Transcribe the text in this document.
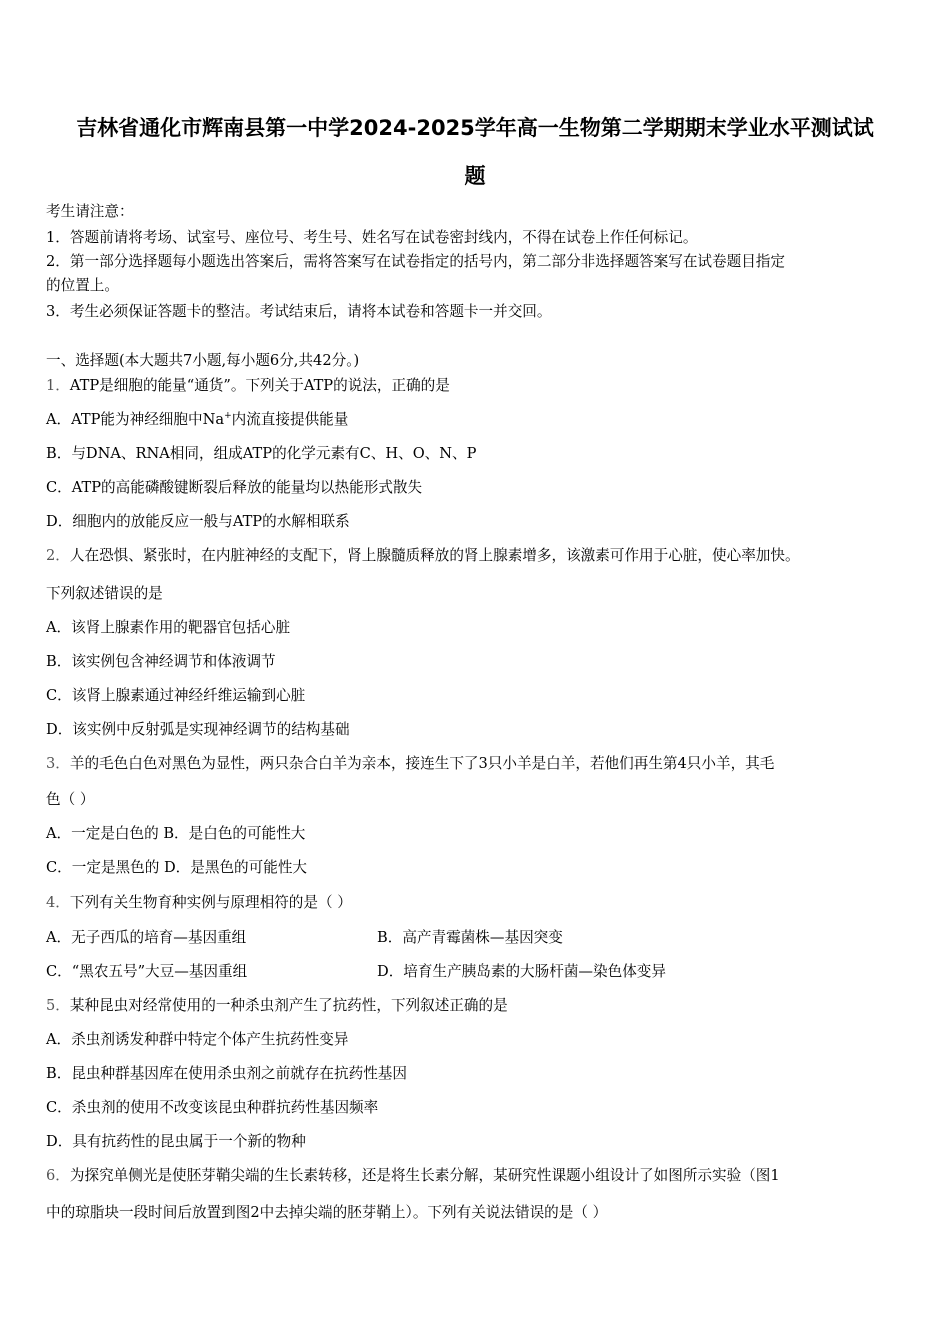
吉林省通化市辉南县第一中学2024-2025学年高一生物第二学期期末学业水平测试试
题
考生请注意：
1．答题前请将考场、试室号、座位号、考生号、姓名写在试卷密封线内，不得在试卷上作任何标记。
2．第一部分选择题每小题选出答案后，需将答案写在试卷指定的括号内，第二部分非选择题答案写在试卷题目指定
的位置上。
3．考生必须保证答题卡的整洁。考试结束后，请将本试卷和答题卡一并交回。
一、选择题(本大题共7小题,每小题6分,共42分。)
1．ATP是细胞的能量“通货”。下列关于ATP的说法，正确的是
A．ATP能为神经细胞中Na+内流直接提供能量
B．与DNA、RNA相同，组成ATP的化学元素有C、H、O、N、P
C．ATP的高能磷酸键断裂后释放的能量均以热能形式散失
D．细胞内的放能反应一般与ATP的水解相联系
2．人在恐惧、紧张时，在内脏神经的支配下，肾上腺髓质释放的肾上腺素增多，该激素可作用于心脏，使心率加快。
下列叙述错误的是
A．该肾上腺素作用的靶器官包括心脏
B．该实例包含神经调节和体液调节
C．该肾上腺素通过神经纤维运输到心脏
D．该实例中反射弧是实现神经调节的结构基础
3．羊的毛色白色对黑色为显性，两只杂合白羊为亲本，接连生下了3只小羊是白羊，若他们再生第4只小羊，其毛
色（ ）
A．一定是白色的 B．是白色的可能性大
C．一定是黑色的 D．是黑色的可能性大
4．下列有关生物育种实例与原理相符的是（ ）
A．无子西瓜的培育—基因重组	B．高产青霉菌株—基因突变
C．“黑农五号”大豆—基因重组	D．培育生产胰岛素的大肠杆菌—染色体变异
5．某种昆虫对经常使用的一种杀虫剂产生了抗药性，下列叙述正确的是
A．杀虫剂诱发种群中特定个体产生抗药性变异
B．昆虫种群基因库在使用杀虫剂之前就存在抗药性基因
C．杀虫剂的使用不改变该昆虫种群抗药性基因频率
D．具有抗药性的昆虫属于一个新的物种
6．为探究单侧光是使胚芽鞘尖端的生长素转移，还是将生长素分解，某研究性课题小组设计了如图所示实验（图1
中的琼脂块一段时间后放置到图2中去掉尖端的胚芽鞘上）。下列有关说法错误的是（ ）
